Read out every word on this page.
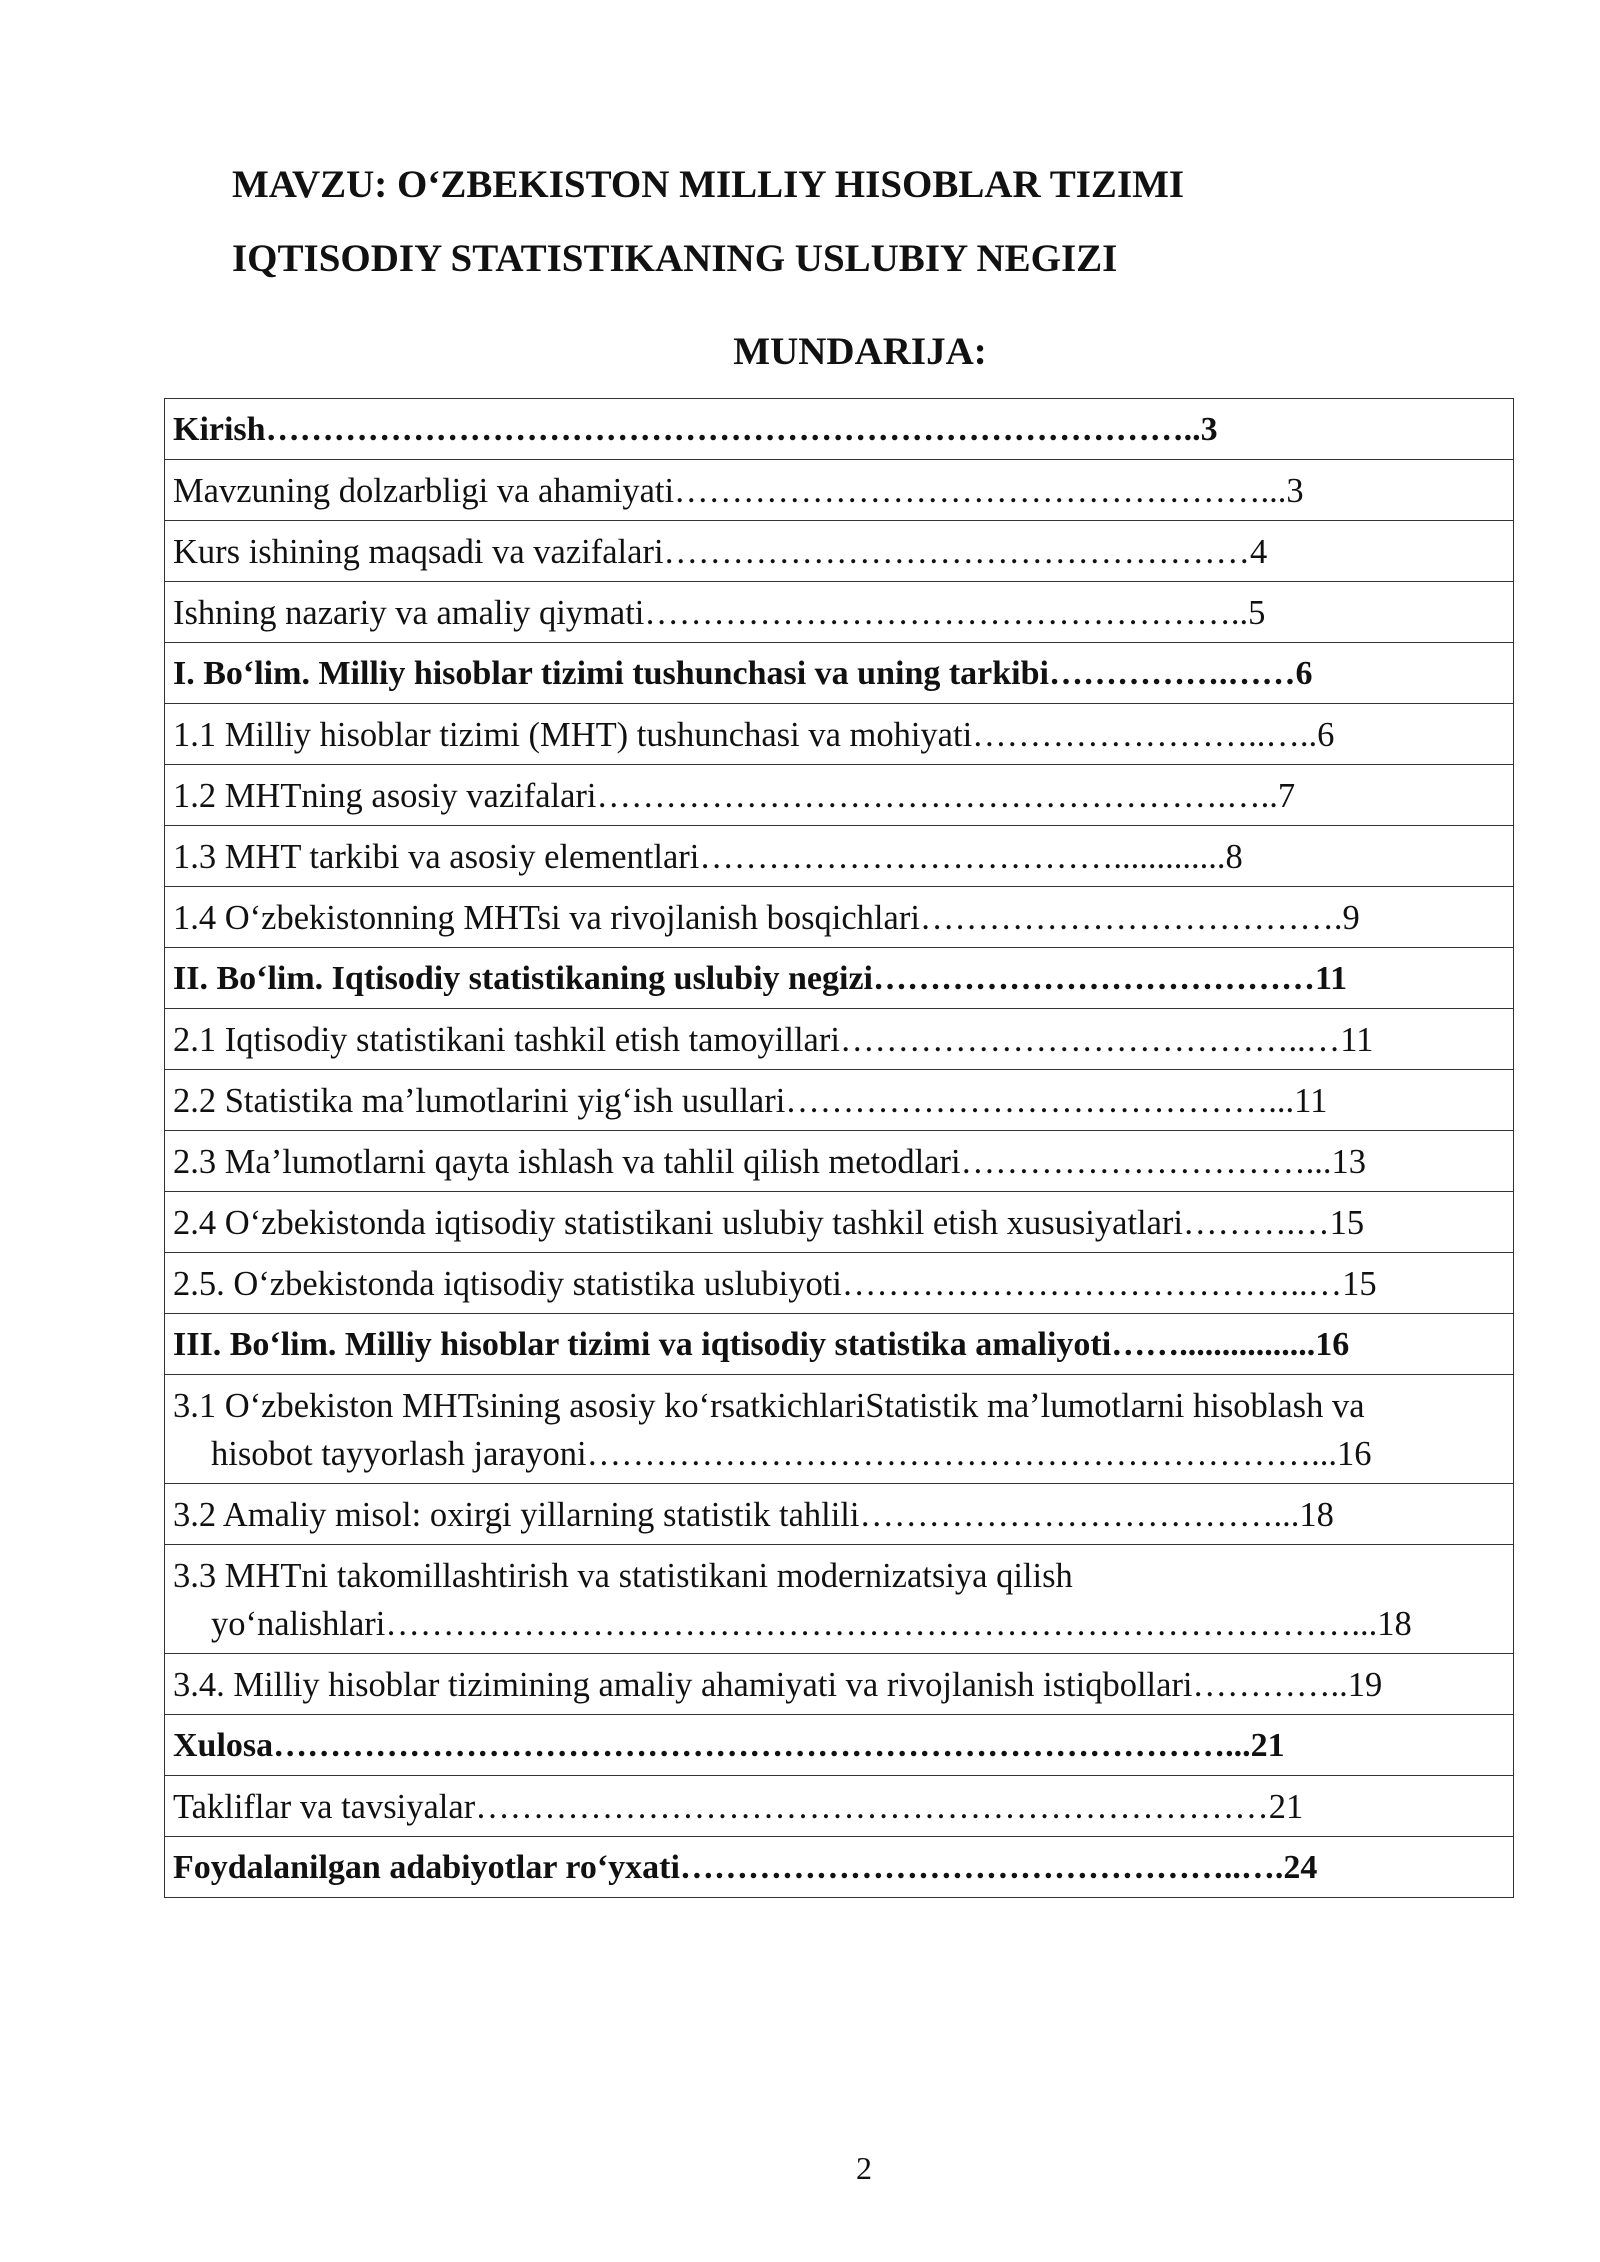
MAVZU: O‘ZBEKISTON MILLIY HISOBLAR TIZIMI
IQTISODIY STATISTIKANING USLUBIY NEGIZI
MUNDARIJA:
Kirish………………………………………………………………………..3
Mavzuning dolzarbligi va ahamiyati……………………………………………...3
Kurs ishining maqsadi va vazifalari……………………………………………4
Ishning nazariy va amaliy qiymati……………………………………………..5
I. Bo‘lim. Milliy hisoblar tizimi tushunchasi va uning tarkibi…………….……6
1.1 Milliy hisoblar tizimi (MHT) tushunchasi va mohiyati……………………..…..6
1.2 MHTning asosiy vazifalari……………………………………………….…..7
1.3 MHT tarkibi va asosiy elementlari……………………………….............8
1.4 O‘zbekistonning MHTsi va rivojlanish bosqichlari……………………………….9
II. Bo‘lim. Iqtisodiy statistikaning uslubiy negizi…………………………………11
2.1 Iqtisodiy statistikani tashkil etish tamoyillari…………………………………..…11
2.2 Statistika ma’lumotlarini yig‘ish usullari……………………………………...11
2.3 Ma’lumotlarni qayta ishlash va tahlil qilish metodlari…………………………...13
2.4 O‘zbekistonda iqtisodiy statistikani uslubiy tashkil etish xususiyatlari……….…15
2.5. O‘zbekistonda iqtisodiy statistika uslubiyoti…………………………………..…15
III. Bo‘lim. Milliy hisoblar tizimi va iqtisodiy statistika amaliyoti……................16

3.1 O‘zbekiston MHTsining asosiy ko‘rsatkichlariStatistik ma’lumotlarni hisoblash va
hisobot tayyorlash jarayoni………………………………………………………...16

3.2 Amaliy misol: oxirgi yillarning statistik tahlili………………………………...18

3.3 MHTni takomillashtirish va statistikani modernizatsiya qilish
yo‘nalishlari…………………………………………………………………………...18

3.4. Milliy hisoblar tizimining amaliy ahamiyati va rivojlanish istiqbollari…………..19
Xulosa…………………………………………………………………………...21
Takliflar va tavsiyalar……………………………………………………………21
Foydalanilgan adabiyotlar ro‘yxati…………………………………………..….24
2
